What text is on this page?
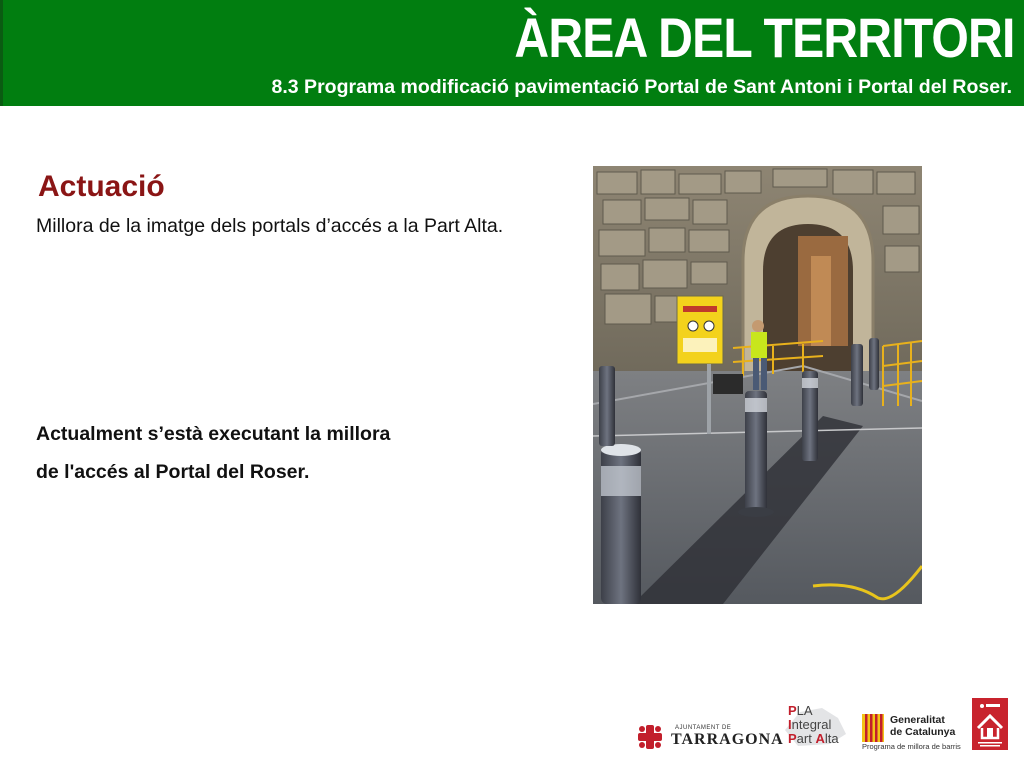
ÀREA DEL TERRITORI
8.3 Programa modificació pavimentació Portal de Sant Antoni i Portal del Roser.
Actuació
Millora de la imatge dels portals d’accés a la Part Alta.
Actualment s’està executant la millora
de l'accés al Portal del Roser.
AJUNTAMENT DE
TARRAGONA
PLA
Integral
Part Alta
Generalitat
de Catalunya
Programa de millora de barris
